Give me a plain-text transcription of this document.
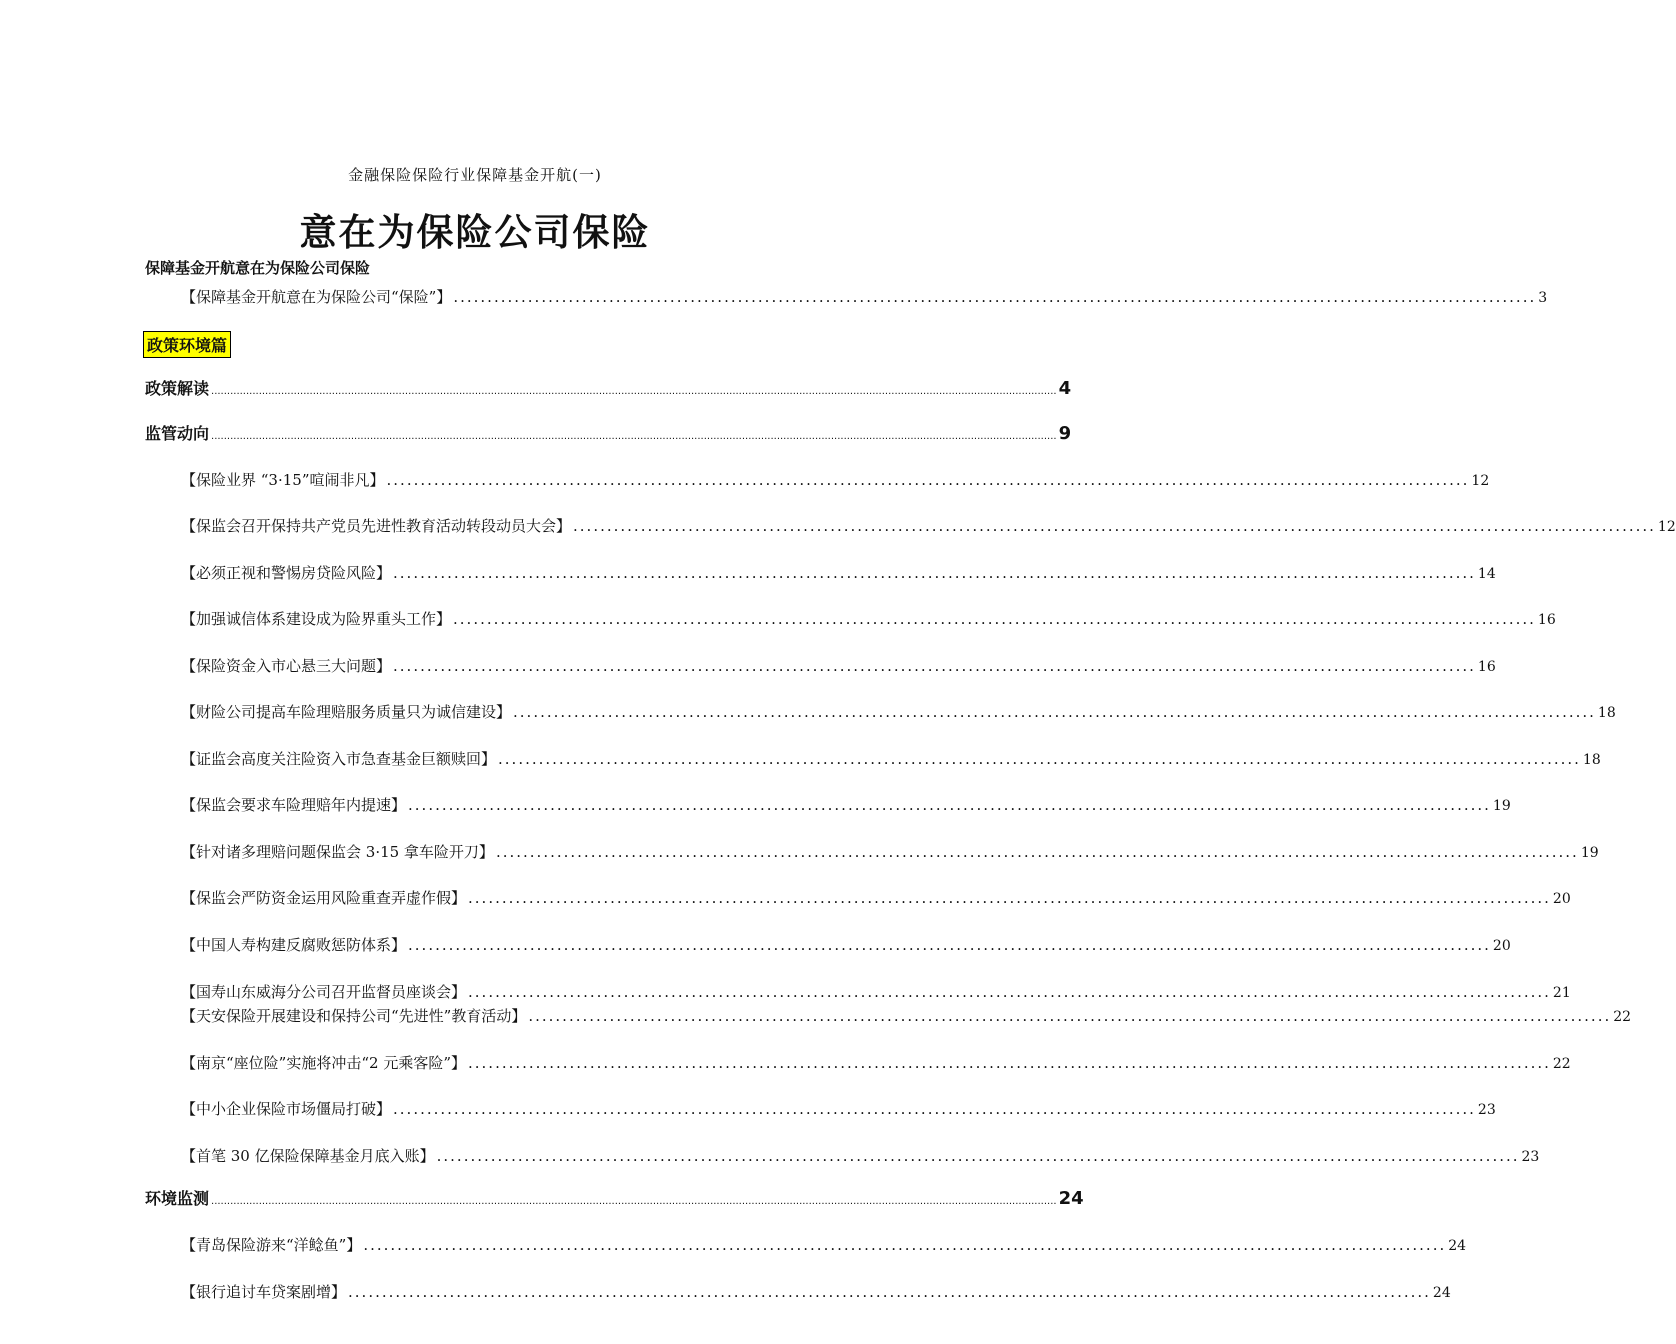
金融保险保险行业保障基金开航(一)
意在为保险公司保险
保障基金开航意在为保险公司保险
【保障基金开航意在为保险公司“保险”】 ................................................................................................................................................................ 3
政策环境篇
政策解读 .......................................................................................................................................................................................................................................................................... 4
监管动向 .......................................................................................................................................................................................................................................................................... 9
【保险业界 “3·15”喧闹非凡】 ................................................................................................................................................................ 12
【保监会召开保持共产党员先进性教育活动转段动员大会】 ................................................................................................................................................................ 12
【必须正视和警惕房贷险风险】 ................................................................................................................................................................ 14
【加强诚信体系建设成为险界重头工作】 ................................................................................................................................................................ 16
【保险资金入市心悬三大问题】 ................................................................................................................................................................ 16
【财险公司提高车险理赔服务质量只为诚信建设】 ................................................................................................................................................................ 18
【证监会高度关注险资入市急查基金巨额赎回】 ................................................................................................................................................................ 18
【保监会要求车险理赔年内提速】 ................................................................................................................................................................ 19
【针对诸多理赔问题保监会 3·15 拿车险开刀】 ................................................................................................................................................................ 19
【保监会严防资金运用风险重查弄虚作假】 ................................................................................................................................................................ 20
【中国人寿构建反腐败惩防体系】 ................................................................................................................................................................ 20
【国寿山东威海分公司召开监督员座谈会】 ................................................................................................................................................................ 21
【天安保险开展建设和保持公司“先进性”教育活动】 ................................................................................................................................................................ 22
【南京“座位险”实施将冲击“2 元乘客险”】 ................................................................................................................................................................ 22
【中小企业保险市场僵局打破】 ................................................................................................................................................................ 23
【首笔 30 亿保险保障基金月底入账】 ................................................................................................................................................................ 23
环境监测 .......................................................................................................................................................................................................................................................................... 24
【青岛保险游来“洋鲶鱼”】 ................................................................................................................................................................ 24
【银行追讨车贷案剧增】 ................................................................................................................................................................ 24
